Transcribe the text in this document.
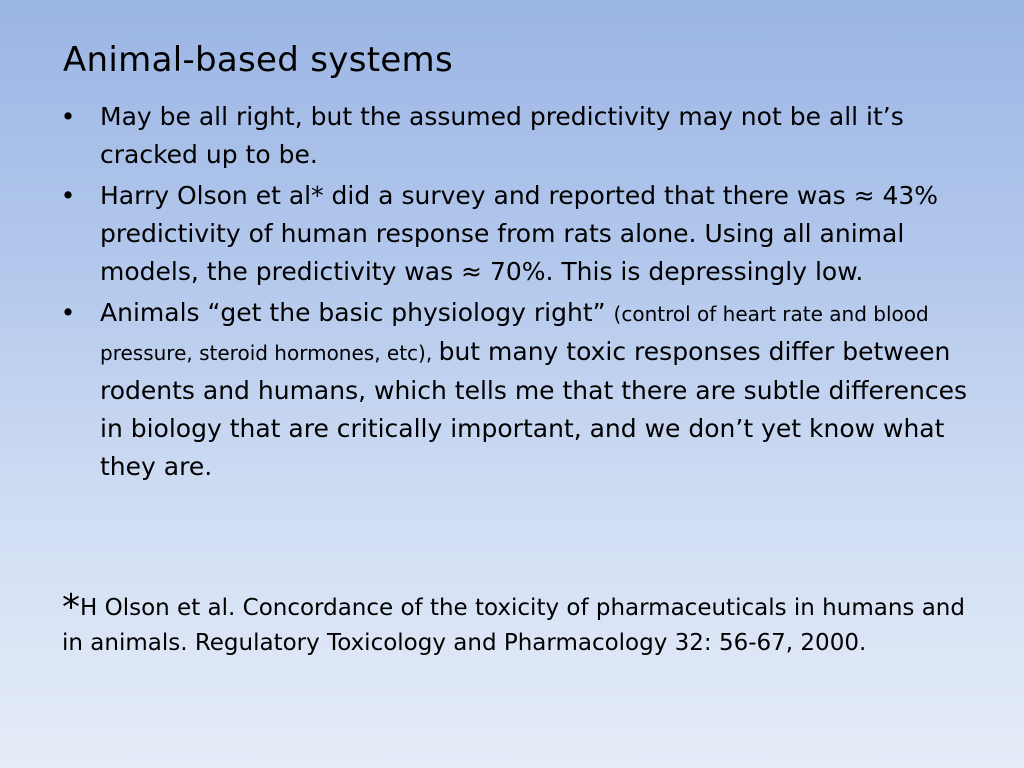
Animal-based systems
• May be all right, but the assumed predictivity may not be all it’s cracked up to be.
• Harry Olson et al* did a survey and reported that there was ≈ 43% predictivity of human response from rats alone. Using all animal models, the predictivity was ≈ 70%. This is depressingly low.
• Animals “get the basic physiology right” (control of heart rate and blood pressure, steroid hormones, etc), but many toxic responses differ between rodents and humans, which tells me that there are subtle differences in biology that are critically important, and we don’t yet know what they are.
*H Olson et al. Concordance of the toxicity of pharmaceuticals in humans and in animals. Regulatory Toxicology and Pharmacology 32: 56-67, 2000.
